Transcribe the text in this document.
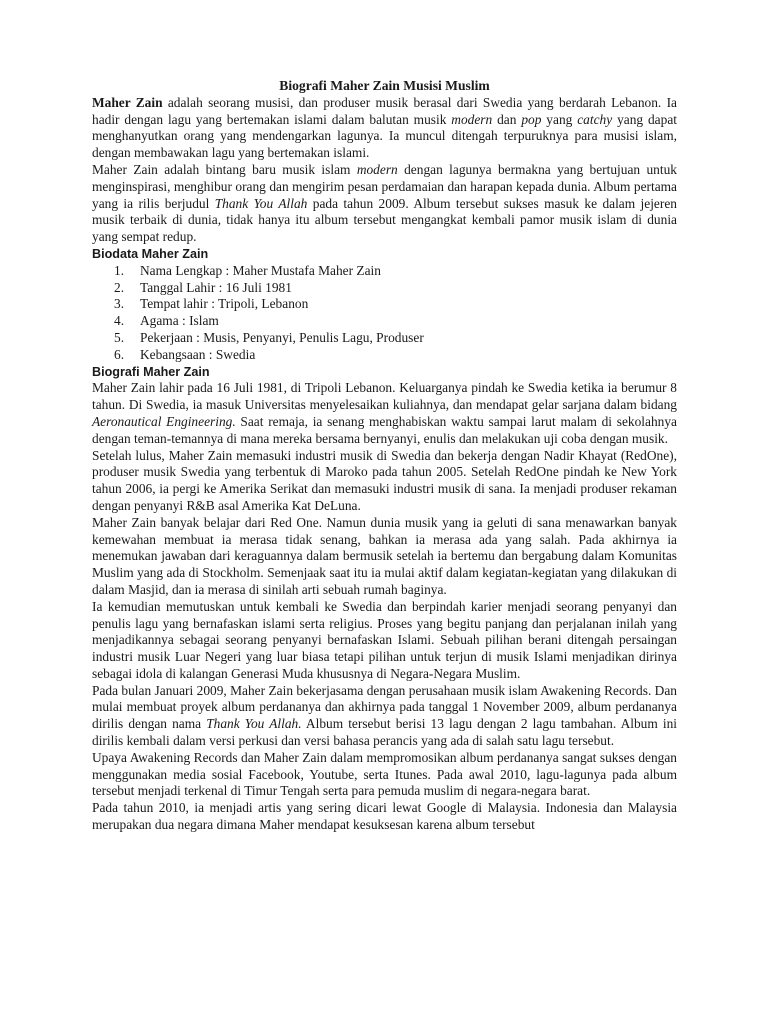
Biografi Maher Zain Musisi Muslim

Maher Zain adalah seorang musisi, dan produser musik berasal dari Swedia yang berdarah Lebanon. Ia hadir dengan lagu yang bertemakan islami dalam balutan musik modern dan pop yang catchy yang dapat menghanyutkan orang yang mendengarkan lagunya. Ia muncul ditengah terpuruknya para musisi islam, dengan membawakan lagu yang bertemakan islami.

Maher Zain adalah bintang baru musik islam modern dengan lagunya bermakna yang bertujuan untuk menginspirasi, menghibur orang dan mengirim pesan perdamaian dan harapan kepada dunia. Album pertama yang ia rilis berjudul Thank You Allah pada tahun 2009. Album tersebut sukses masuk ke dalam jejeren musik terbaik di dunia, tidak hanya itu album tersebut mengangkat kembali pamor musik islam di dunia yang sempat redup.

Biodata Maher Zain

1. Nama Lengkap : Maher Mustafa Maher Zain
2. Tanggal Lahir : 16 Juli 1981
3. Tempat lahir : Tripoli, Lebanon
4. Agama : Islam
5. Pekerjaan : Musis, Penyanyi, Penulis Lagu, Produser
6. Kebangsaan : Swedia

Biografi Maher Zain

Maher Zain lahir pada 16 Juli 1981, di Tripoli Lebanon. Keluarganya pindah ke Swedia ketika ia berumur 8 tahun. Di Swedia, ia masuk Universitas menyelesaikan kuliahnya, dan mendapat gelar sarjana dalam bidang Aeronautical Engineering. Saat remaja, ia senang menghabiskan waktu sampai larut malam di sekolahnya dengan teman-temannya di mana mereka bersama bernyanyi, enulis dan melakukan uji coba dengan musik.

Setelah lulus, Maher Zain memasuki industri musik di Swedia dan bekerja dengan Nadir Khayat (RedOne), produser musik Swedia yang terbentuk di Maroko pada tahun 2005. Setelah RedOne pindah ke New York tahun 2006, ia pergi ke Amerika Serikat dan memasuki industri musik di sana. Ia menjadi produser rekaman dengan penyanyi R&B asal Amerika Kat DeLuna.

Maher Zain banyak belajar dari Red One. Namun dunia musik yang ia geluti di sana menawarkan banyak kemewahan membuat ia merasa tidak senang, bahkan ia merasa ada yang salah. Pada akhirnya ia menemukan jawaban dari keraguannya dalam bermusik setelah ia bertemu dan bergabung dalam Komunitas Muslim yang ada di Stockholm. Semenjaak saat itu ia mulai aktif dalam kegiatan-kegiatan yang dilakukan di dalam Masjid, dan ia merasa di sinilah arti sebuah rumah baginya.

Ia kemudian memutuskan untuk kembali ke Swedia dan berpindah karier menjadi seorang penyanyi dan penulis lagu yang bernafaskan islami serta religius. Proses yang begitu panjang dan perjalanan inilah yang menjadikannya sebagai seorang penyanyi bernafaskan Islami. Sebuah pilihan berani ditengah persaingan industri musik Luar Negeri yang luar biasa tetapi pilihan untuk terjun di musik Islami menjadikan dirinya sebagai idola di kalangan Generasi Muda khususnya di Negara-Negara Muslim.

Pada bulan Januari 2009, Maher Zain bekerjasama dengan perusahaan musik islam Awakening Records. Dan mulai membuat proyek album perdananya dan akhirnya pada tanggal 1 November 2009, album perdananya dirilis dengan nama Thank You Allah. Album tersebut berisi 13 lagu dengan 2 lagu tambahan. Album ini dirilis kembali dalam versi perkusi dan versi bahasa perancis yang ada di salah satu lagu tersebut.

Upaya Awakening Records dan Maher Zain dalam mempromosikan album perdananya sangat sukses dengan menggunakan media sosial Facebook, Youtube, serta Itunes. Pada awal 2010, lagu-lagunya pada album tersebut menjadi terkenal di Timur Tengah serta para pemuda muslim di negara-negara barat.

Pada tahun 2010, ia menjadi artis yang sering dicari lewat Google di Malaysia. Indonesia dan Malaysia merupakan dua negara dimana Maher mendapat kesuksesan karena album tersebut
